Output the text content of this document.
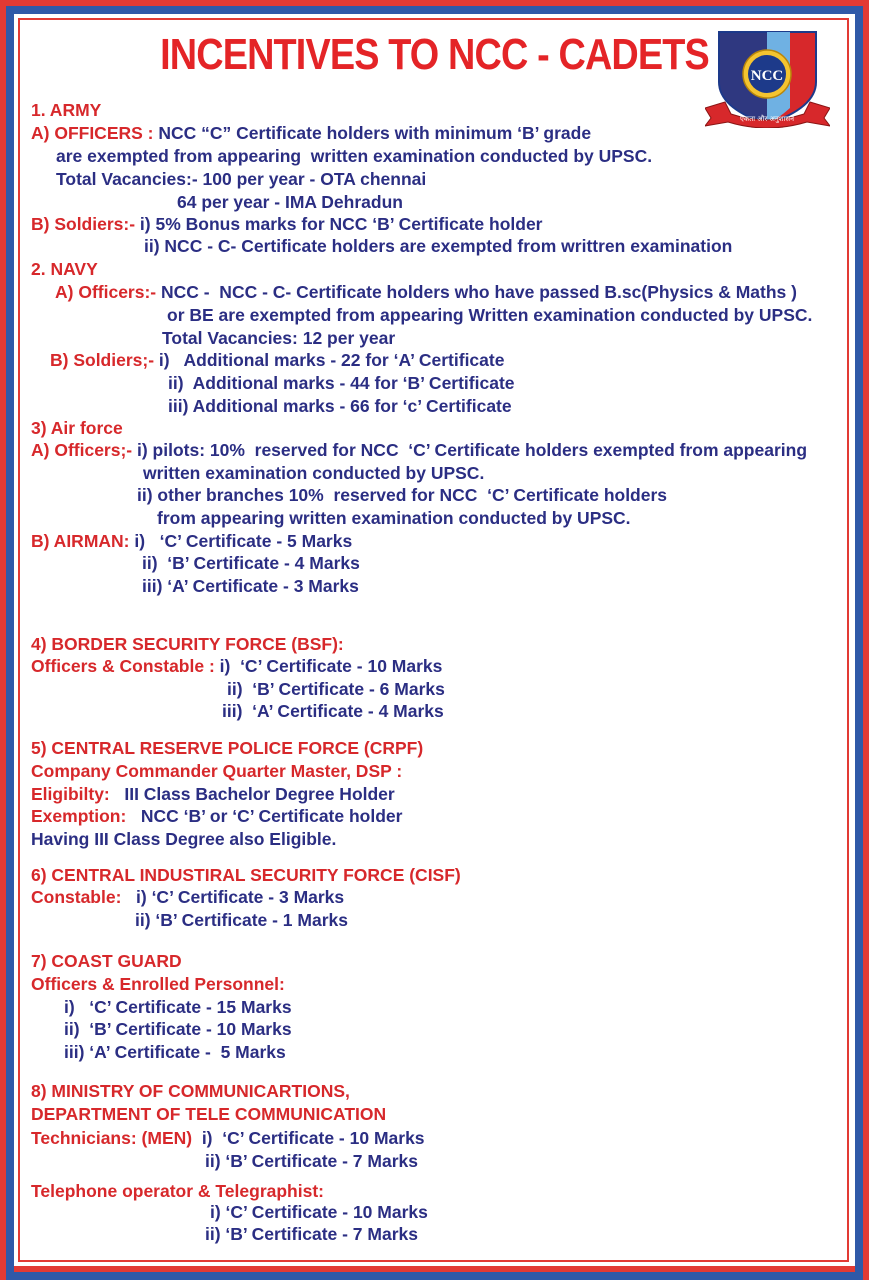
INCENTIVES TO NCC - CADETS	NCC
एकता और अनुशासन
1. ARMY
A) OFFICERS : NCC “C” Certificate holders with minimum ‘B’ grade
are exempted from appearing  written examination conducted by UPSC.
Total Vacancies:- 100 per year - OTA chennai
64 per year - IMA Dehradun
B) Soldiers:- i) 5% Bonus marks for NCC ‘B’ Certificate holder
ii) NCC - C- Certificate holders are exempted from writtren examination
2. NAVY
A) Officers:- NCC -  NCC - C- Certificate holders who have passed B.sc(Physics & Maths )
or BE are exempted from appearing Written examination conducted by UPSC.
Total Vacancies: 12 per year
B) Soldiers;- i)   Additional marks - 22 for ‘A’ Certificate
ii)  Additional marks - 44 for ‘B’ Certificate
iii) Additional marks - 66 for ‘c’ Certificate
3) Air force
A) Officers;- i) pilots: 10%  reserved for NCC  ‘C’ Certificate holders exempted from appearing
written examination conducted by UPSC.
ii) other branches 10%  reserved for NCC  ‘C’ Certificate holders
from appearing written examination conducted by UPSC.
B) AIRMAN: i)   ‘C’ Certificate - 5 Marks
ii)  ‘B’ Certificate - 4 Marks
iii) ‘A’ Certificate - 3 Marks
4) BORDER SECURITY FORCE (BSF):
Officers & Constable : i)  ‘C’ Certificate - 10 Marks
ii)  ‘B’ Certificate - 6 Marks
iii)  ‘A’ Certificate - 4 Marks
5) CENTRAL RESERVE POLICE FORCE (CRPF)
Company Commander Quarter Master, DSP :
Eligibilty:   III Class Bachelor Degree Holder
Exemption:   NCC ‘B’ or ‘C’ Certificate holder
Having III Class Degree also Eligible.
6) CENTRAL INDUSTIRAL SECURITY FORCE (CISF)
Constable:   i) ‘C’ Certificate - 3 Marks
ii) ‘B’ Certificate - 1 Marks
7) COAST GUARD
Officers & Enrolled Personnel:
i)   ‘C’ Certificate - 15 Marks
ii)  ‘B’ Certificate - 10 Marks
iii) ‘A’ Certificate -  5 Marks
8) MINISTRY OF COMMUNICARTIONS,
DEPARTMENT OF TELE COMMUNICATION
Technicians: (MEN)  i)  ‘C’ Certificate - 10 Marks
ii) ‘B’ Certificate - 7 Marks
Telephone operator & Telegraphist:
i) ‘C’ Certificate - 10 Marks
ii) ‘B’ Certificate - 7 Marks
